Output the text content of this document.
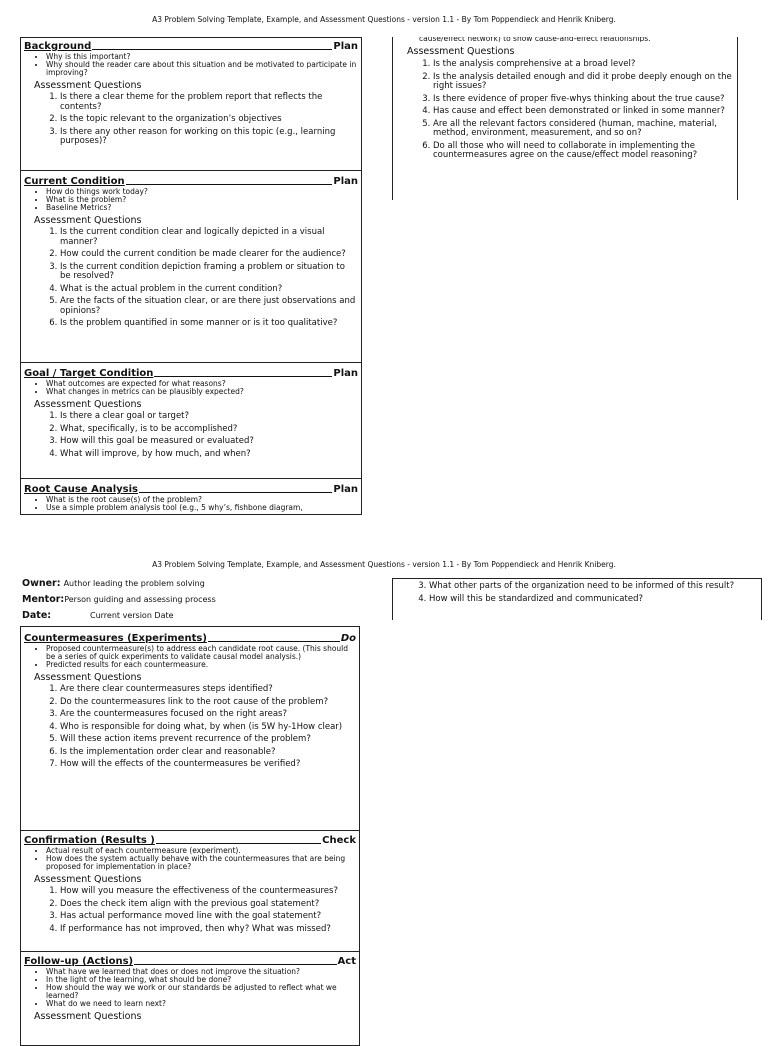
A3 Problem Solving Template, Example, and Assessment Questions - version 1.1 - By Tom Poppendieck and Henrik Kniberg.
Background	Plan
• Why is this important?
• Why should the reader care about this situation and be motivated to participate in improving?
Assessment Questions
1. Is there a clear theme for the problem report that reflects the contents?
2. Is the topic relevant to the organization’s objectives
3. Is there any other reason for working on this topic (e.g., learning purposes)?
Current Condition	Plan
• How do things work today?
• What is the problem?
• Baseline Metrics?
Assessment Questions
1. Is the current condition clear and logically depicted in a visual manner?
2. How could the current condition be made clearer for the audience?
3. Is the current condition depiction framing a problem or situation to be resolved?
4. What is the actual problem in the current condition?
5. Are the facts of the situation clear, or are there just observations and opinions?
6. Is the problem quantified in some manner or is it too qualitative?
Goal / Target Condition	Plan
• What outcomes are expected for what reasons?
• What changes in metrics can be plausibly expected?
Assessment Questions
1. Is there a clear goal or target?
2. What, specifically, is to be accomplished?
3. How will this goal be measured or evaluated?
4. What will improve, by how much, and when?
Root Cause Analysis	Plan
• What is the root cause(s) of the problem?
• Use a simple problem analysis tool (e.g., 5 why’s, fishbone diagram,
cause/effect network) to show cause-and-effect relationships.
Assessment Questions
1. Is the analysis comprehensive at a broad level?
2. Is the analysis detailed enough and did it probe deeply enough on the right issues?
3. Is there evidence of proper five-whys thinking about the true cause?
4. Has cause and effect been demonstrated or linked in some manner?
5. Are all the relevant factors considered (human, machine, material, method, environment, measurement, and so on?
6. Do all those who will need to collaborate in implementing the countermeasures agree on the cause/effect model reasoning?
A3 Problem Solving Template, Example, and Assessment Questions - version 1.1 - By Tom Poppendieck and Henrik Kniberg.
Owner: Author leading the problem solving
Mentor:Person guiding and assessing process
Date:	Current version Date
3. What other parts of the organization need to be informed of this result?
4. How will this be standardized and communicated?
Countermeasures (Experiments)	Do
• Proposed countermeasure(s) to address each candidate root cause. (This should be a series of quick experiments to validate causal model analysis.)
• Predicted results for each countermeasure.
Assessment Questions
1. Are there clear countermeasures steps identified?
2. Do the countermeasures link to the root cause of the problem?
3. Are the countermeasures focused on the right areas?
4. Who is responsible for doing what, by when (is 5W hy-1How clear)
5. Will these action items prevent recurrence of the problem?
6. Is the implementation order clear and reasonable?
7. How will the effects of the countermeasures be verified?
Confirmation (Results )	Check
• Actual result of each countermeasure (experiment).
• How does the system actually behave with the countermeasures that are being proposed for implementation in place?
Assessment Questions
1. How will you measure the effectiveness of the countermeasures?
2. Does the check item align with the previous goal statement?
3. Has actual performance moved line with the goal statement?
4. If performance has not improved, then why? What was missed?
Follow-up (Actions)	Act
• What have we learned that does or does not improve the situation?
• In the light of the learning, what should be done?
• How should the way we work or our standards be adjusted to reflect what we learned?
• What do we need to learn next?
Assessment Questions
